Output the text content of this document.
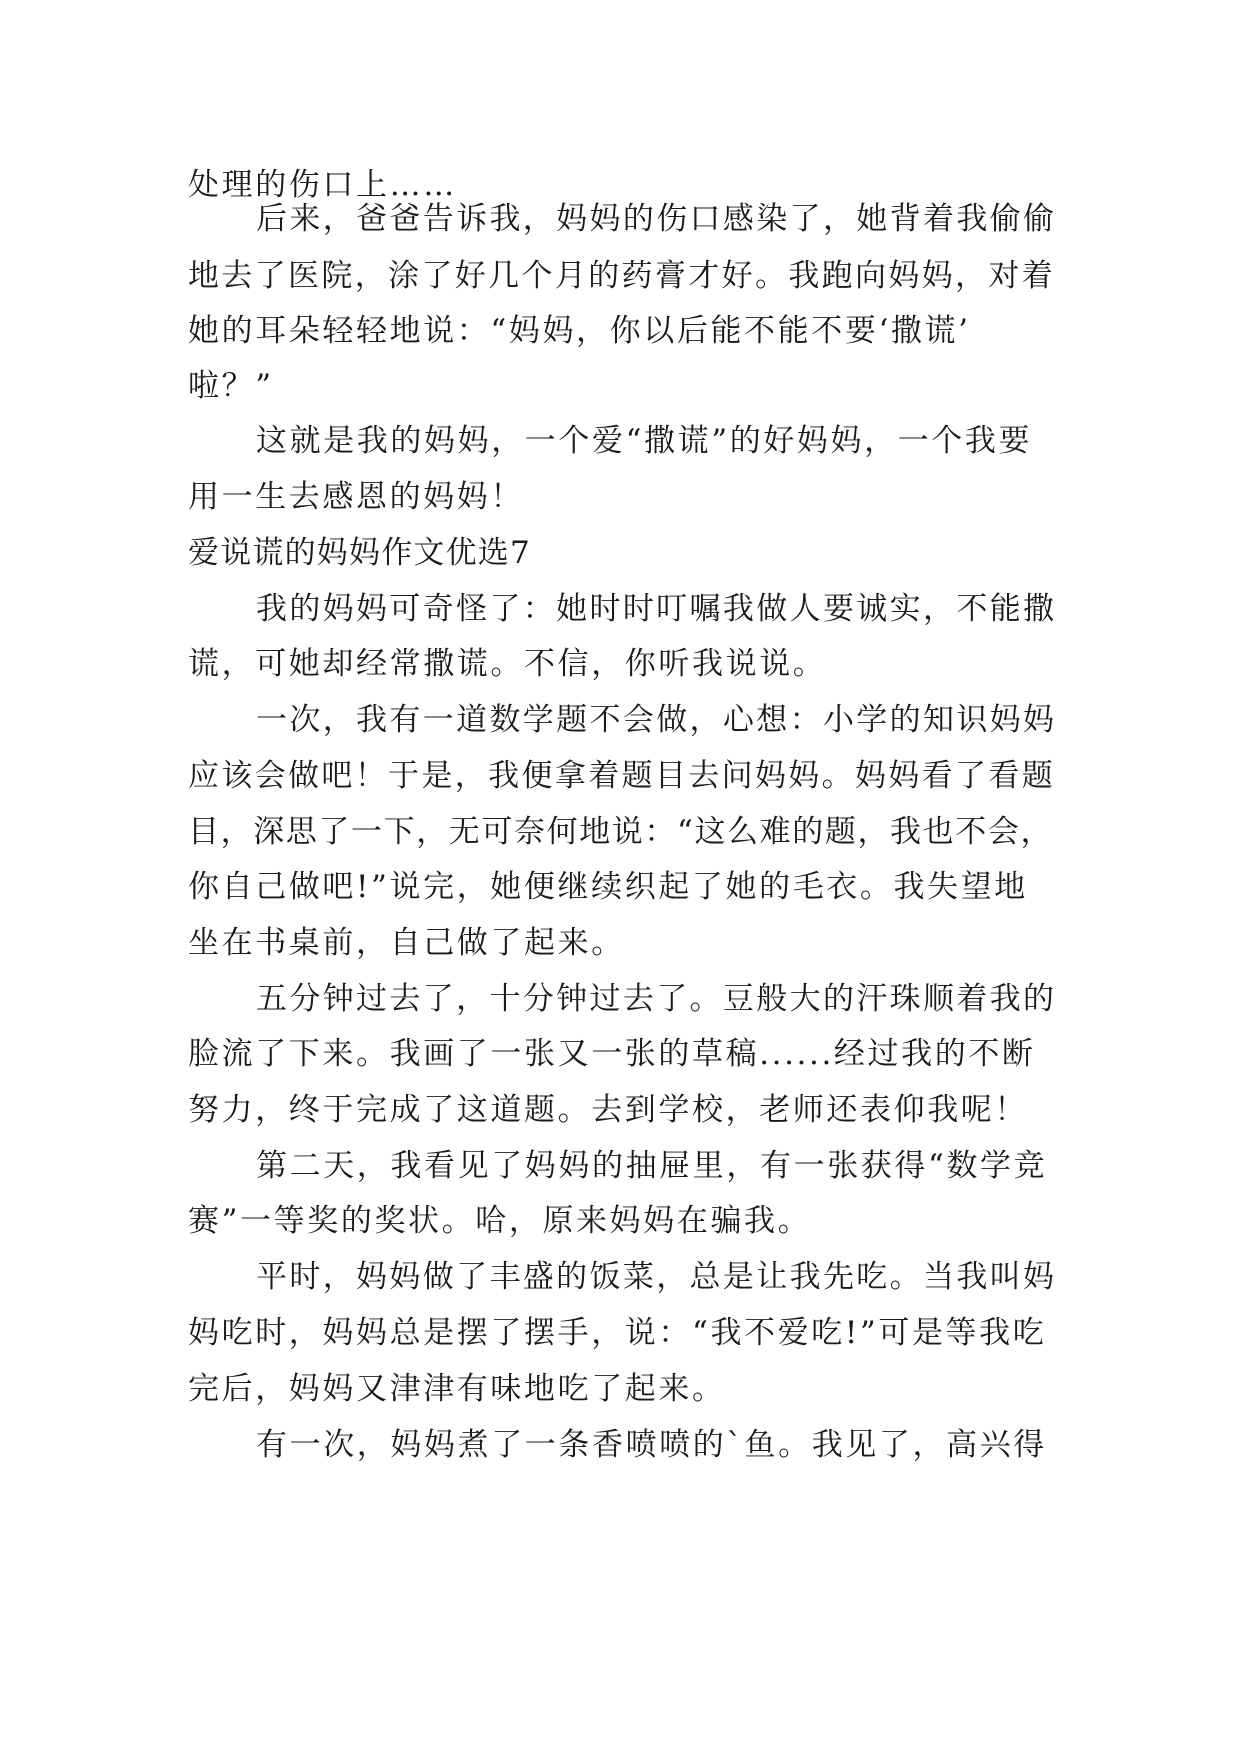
处理的伤口上……
后来，爸爸告诉我，妈妈的伤口感染了，她背着我偷偷
地去了医院，涂了好几个月的药膏才好。我跑向妈妈，对着
她的耳朵轻轻地说：“妈妈，你以后能不能不要‘撒谎’
啦？”
这就是我的妈妈，一个爱“撒谎”的好妈妈，一个我要
用一生去感恩的妈妈！
爱说谎的妈妈作文优选7
我的妈妈可奇怪了：她时时叮嘱我做人要诚实，不能撒
谎，可她却经常撒谎。不信，你听我说说。
一次，我有一道数学题不会做，心想：小学的知识妈妈
应该会做吧！于是，我便拿着题目去问妈妈。妈妈看了看题
目，深思了一下，无可奈何地说：“这么难的题，我也不会，
你自己做吧!”说完，她便继续织起了她的毛衣。我失望地
坐在书桌前，自己做了起来。
五分钟过去了，十分钟过去了。豆般大的汗珠顺着我的
脸流了下来。我画了一张又一张的草稿......经过我的不断
努力，终于完成了这道题。去到学校，老师还表仰我呢！
第二天，我看见了妈妈的抽屉里，有一张获得“数学竞
赛”一等奖的奖状。哈，原来妈妈在骗我。
平时，妈妈做了丰盛的饭菜，总是让我先吃。当我叫妈
妈吃时，妈妈总是摆了摆手，说：“我不爱吃!”可是等我吃
完后，妈妈又津津有味地吃了起来。
有一次，妈妈煮了一条香喷喷的`鱼。我见了，高兴得
